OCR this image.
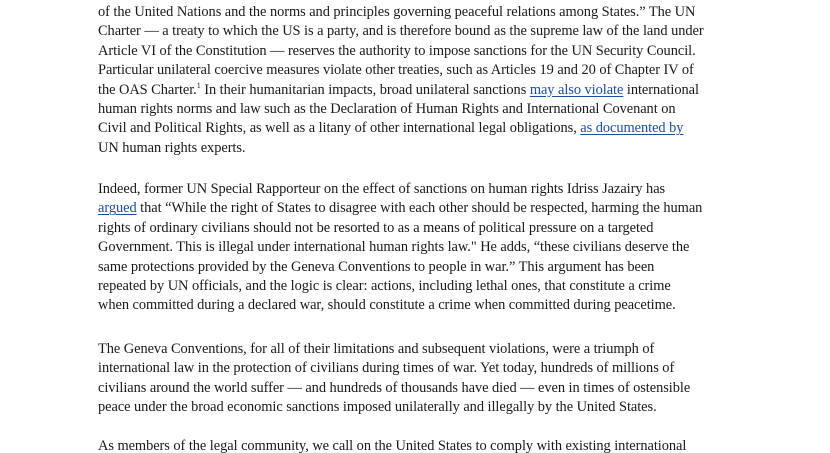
of the United Nations and the norms and principles governing peaceful relations among States.” The UN
Charter — a treaty to which the US is a party, and is therefore bound as the supreme law of the land under
Article VI of the Constitution — reserves the authority to impose sanctions for the UN Security Council.
Particular unilateral coercive measures violate other treaties, such as Articles 19 and 20 of Chapter IV of
the OAS Charter.$^1$ In their humanitarian impacts, broad unilateral sanctions may also violate international
human rights norms and law such as the Declaration of Human Rights and International Covenant on
Civil and Political Rights, as well as a litany of other international legal obligations, as documented by
UN human rights experts.

Indeed, former UN Special Rapporteur on the effect of sanctions on human rights Idriss Jazairy has
argued that “While the right of States to disagree with each other should be respected, harming the human
rights of ordinary civilians should not be resorted to as a means of political pressure on a targeted
Government. This is illegal under international human rights law." He adds, “these civilians deserve the
same protections provided by the Geneva Conventions to people in war.” This argument has been
repeated by UN officials, and the logic is clear: actions, including lethal ones, that constitute a crime
when committed during a declared war, should constitute a crime when committed during peacetime.

The Geneva Conventions, for all of their limitations and subsequent violations, were a triumph of
international law in the protection of civilians during times of war. Yet today, hundreds of millions of
civilians around the world suffer — and hundreds of thousands have died — even in times of ostensible
peace under the broad economic sanctions imposed unilaterally and illegally by the United States.

As members of the legal community, we call on the United States to comply with existing international
